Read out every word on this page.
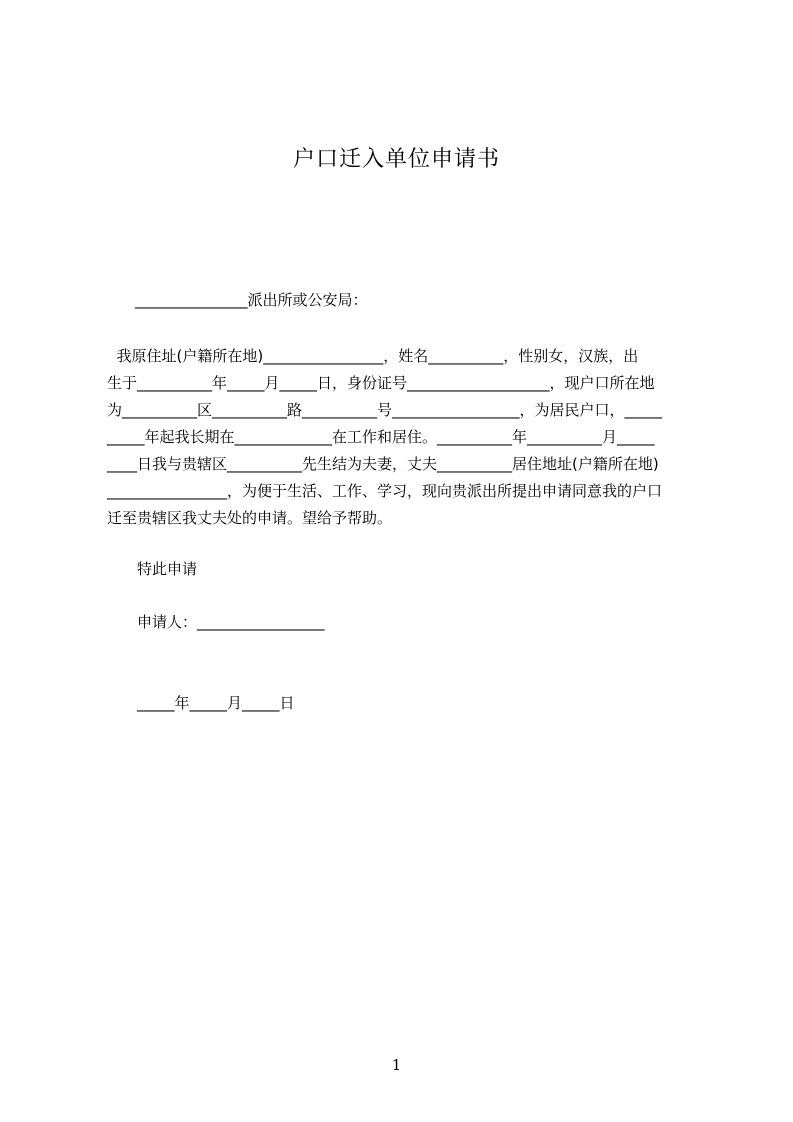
户口迁入单位申请书
_______________派出所或公安局：
我原住址(户籍所在地)________________，姓名__________，性别女，汉族，出
生于__________年_____月_____日，身份证号___________________，现户口所在地
为__________区__________路__________号_________________，为居民户口，_____
_____年起我长期在_____________在工作和居住。__________年__________月_____
____日我与贵辖区__________先生结为夫妻，丈夫__________居住地址(户籍所在地)
________________，为便于生活、工作、学习，现向贵派出所提出申请同意我的户口
迁至贵辖区我丈夫处的申请。望给予帮助。
特此申请
申请人：_________________
_____年_____月_____日
1
